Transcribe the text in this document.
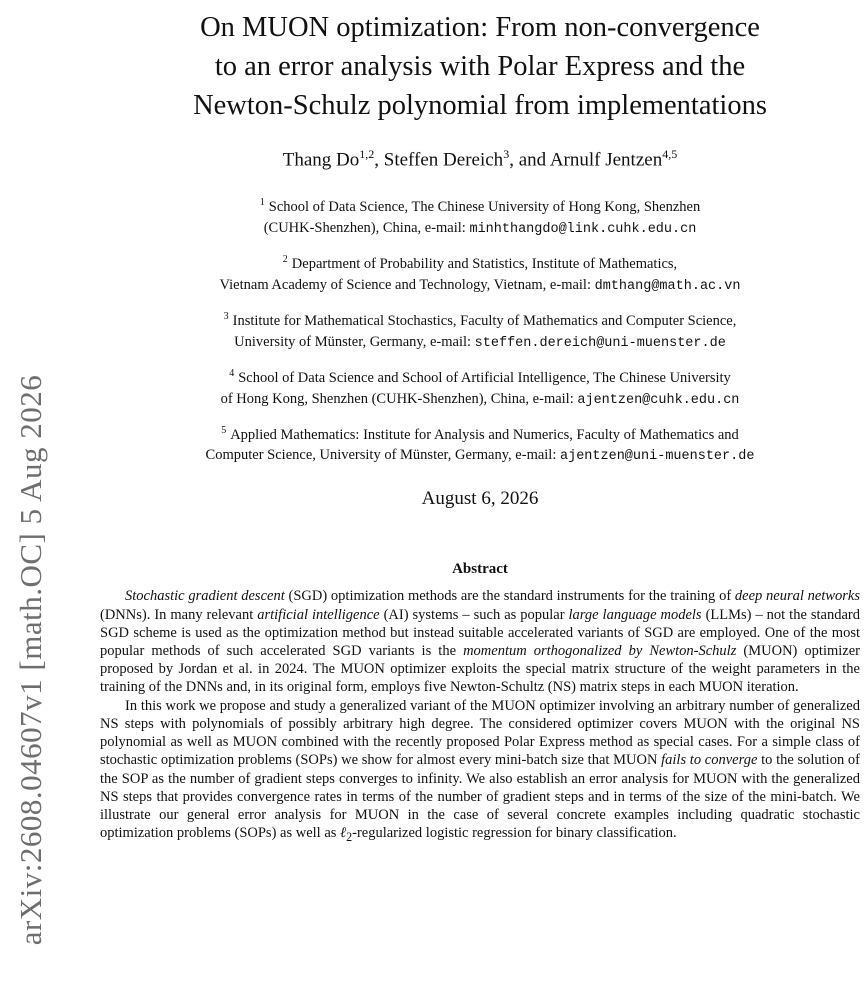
arXiv:2608.04607v1 [math.OC] 5 Aug 2026
On MUON optimization: From non-convergence
to an error analysis with Polar Express and the
Newton-Schulz polynomial from implementations
Thang Do$^{1,2}$, Steffen Dereich$^3$, and Arnulf Jentzen$^{4,5}$
$^1$ School of Data Science, The Chinese University of Hong Kong, Shenzhen
(CUHK-Shenzhen), China, e-mail: minhthangdo@link.cuhk.edu.cn
$^2$ Department of Probability and Statistics, Institute of Mathematics,
Vietnam Academy of Science and Technology, Vietnam, e-mail: dmthang@math.ac.vn
$^3$ Institute for Mathematical Stochastics, Faculty of Mathematics and Computer Science,
University of Münster, Germany, e-mail: steffen.dereich@uni-muenster.de
$^4$ School of Data Science and School of Artificial Intelligence, The Chinese University
of Hong Kong, Shenzhen (CUHK-Shenzhen), China, e-mail: ajentzen@cuhk.edu.cn
$^5$ Applied Mathematics: Institute for Analysis and Numerics, Faculty of Mathematics and
Computer Science, University of Münster, Germany, e-mail: ajentzen@uni-muenster.de
August 6, 2026
Abstract

Stochastic gradient descent (SGD) optimization methods are the standard instruments for the training of deep neural networks (DNNs). In many relevant artificial intelligence (AI) systems – such as popular large language models (LLMs) – not the standard SGD scheme is used as the optimization method but instead suitable accelerated variants of SGD are employed. One of the most popular methods of such accelerated SGD variants is the momentum orthogonalized by Newton-Schulz (MUON) optimizer proposed by Jordan et al. in 2024. The MUON optimizer exploits the special matrix structure of the weight parameters in the training of the DNNs and, in its original form, employs five Newton-Schultz (NS) matrix steps in each MUON iteration.

In this work we propose and study a generalized variant of the MUON optimizer involving an arbitrary number of generalized NS steps with polynomials of possibly arbitrary high degree. The considered optimizer covers MUON with the original NS polynomial as well as MUON combined with the recently proposed Polar Express method as special cases. For a simple class of stochastic optimization problems (SOPs) we show for almost every mini-batch size that MUON fails to converge to the solution of the SOP as the number of gradient steps converges to infinity. We also establish an error analysis for MUON with the generalized NS steps that provides convergence rates in terms of the number of gradient steps and in terms of the size of the mini-batch. We illustrate our general error analysis for MUON in the case of several concrete examples including quadratic stochastic optimization problems (SOPs) as well as ℓ$_2$-regularized logistic regression for binary classification.
